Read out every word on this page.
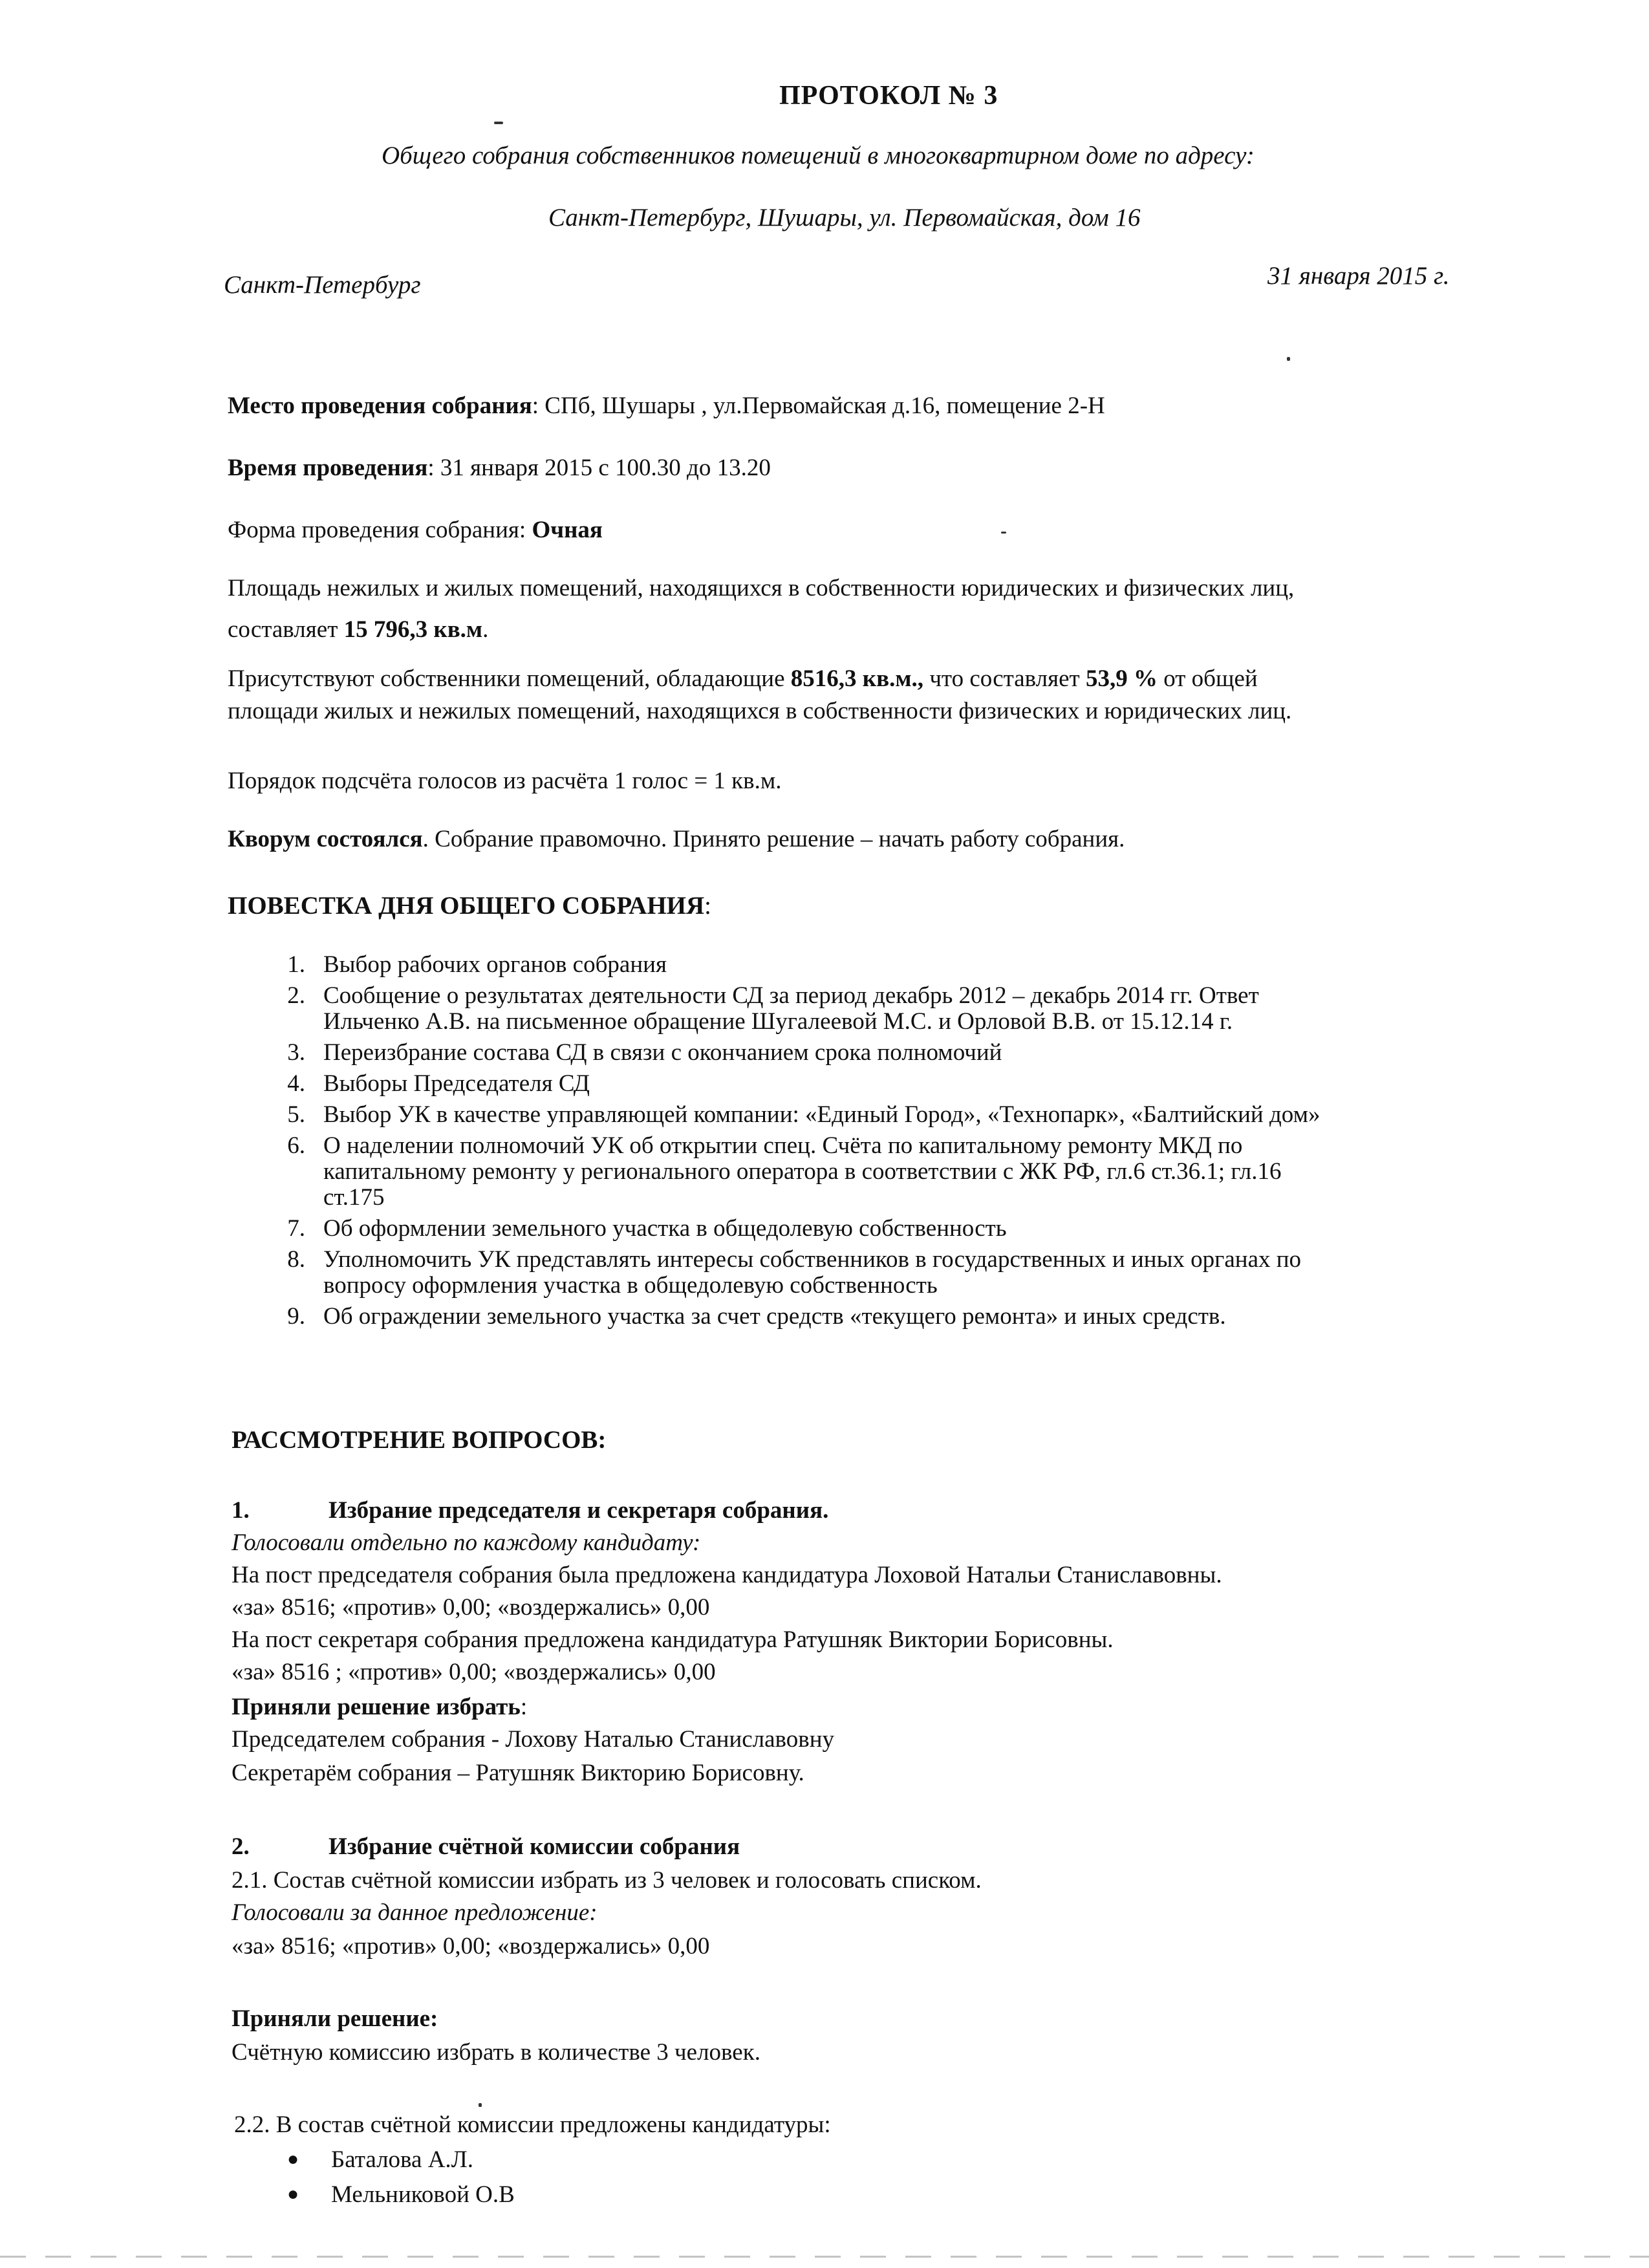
ПРОТОКОЛ № 3
Общего собрания собственников помещений в многоквартирном доме по адресу:
Санкт-Петербург, Шушары, ул. Первомайская, дом 16
Санкт-Петербург	31 января 2015 г.
Место проведения собрания: СПб, Шушары , ул.Первомайская д.16, помещение 2-Н
Время проведения: 31 января 2015 с 100.30 до 13.20
Форма проведения собрания: Очная
Площадь нежилых и жилых помещений, находящихся в собственности юридических и физических лиц,
составляет 15 796,3 кв.м.
Присутствуют собственники помещений, обладающие 8516,3 кв.м., что составляет 53,9 % от общей
площади жилых и нежилых помещений, находящихся в собственности физических и юридических лиц.
Порядок подсчёта голосов из расчёта 1 голос = 1 кв.м.
Кворум состоялся. Собрание правомочно. Принято решение – начать работу собрания.
ПОВЕСТКА ДНЯ ОБЩЕГО СОБРАНИЯ:
1. Выбор рабочих органов собрания
2. Сообщение о результатах деятельности СД за период декабрь 2012 – декабрь 2014 гг. Ответ
Ильченко А.В. на письменное обращение Шугалеевой М.С. и Орловой В.В. от 15.12.14 г.
3. Переизбрание состава СД в связи с окончанием срока полномочий
4. Выборы Председателя СД
5. Выбор УК в качестве управляющей компании: «Единый Город», «Технопарк», «Балтийский дом»
6. О наделении полномочий УК об открытии спец. Счёта по капитальному ремонту МКД по
капитальному ремонту у регионального оператора в соответствии с ЖК РФ, гл.6 ст.36.1; гл.16
ст.175
7. Об оформлении земельного участка в общедолевую собственность
8. Уполномочить УК представлять интересы собственников в государственных и иных органах по
вопросу оформления участка в общедолевую собственность
9. Об ограждении земельного участка за счет средств «текущего ремонта» и иных средств.
РАССМОТРЕНИЕ ВОПРОСОВ:
1.	Избрание председателя и секретаря собрания.
Голосовали отдельно по каждому кандидату:
На пост председателя собрания была предложена кандидатура Лоховой Натальи Станиславовны.
«за» 8516; «против» 0,00; «воздержались» 0,00
На пост секретаря собрания предложена кандидатура Ратушняк Виктории Борисовны.
«за» 8516 ; «против» 0,00; «воздержались» 0,00
Приняли решение избрать:
Председателем собрания - Лохову Наталью Станиславовну
Секретарём собрания – Ратушняк Викторию Борисовну.
2.	Избрание счётной комиссии собрания
2.1. Состав счётной комиссии избрать из 3 человек и голосовать списком.
Голосовали за данное предложение:
«за» 8516; «против» 0,00; «воздержались» 0,00
Приняли решение:
Счётную комиссию избрать в количестве 3 человек.
2.2. В состав счётной комиссии предложены кандидатуры:
● Баталова А.Л.
● Мельниковой О.В
